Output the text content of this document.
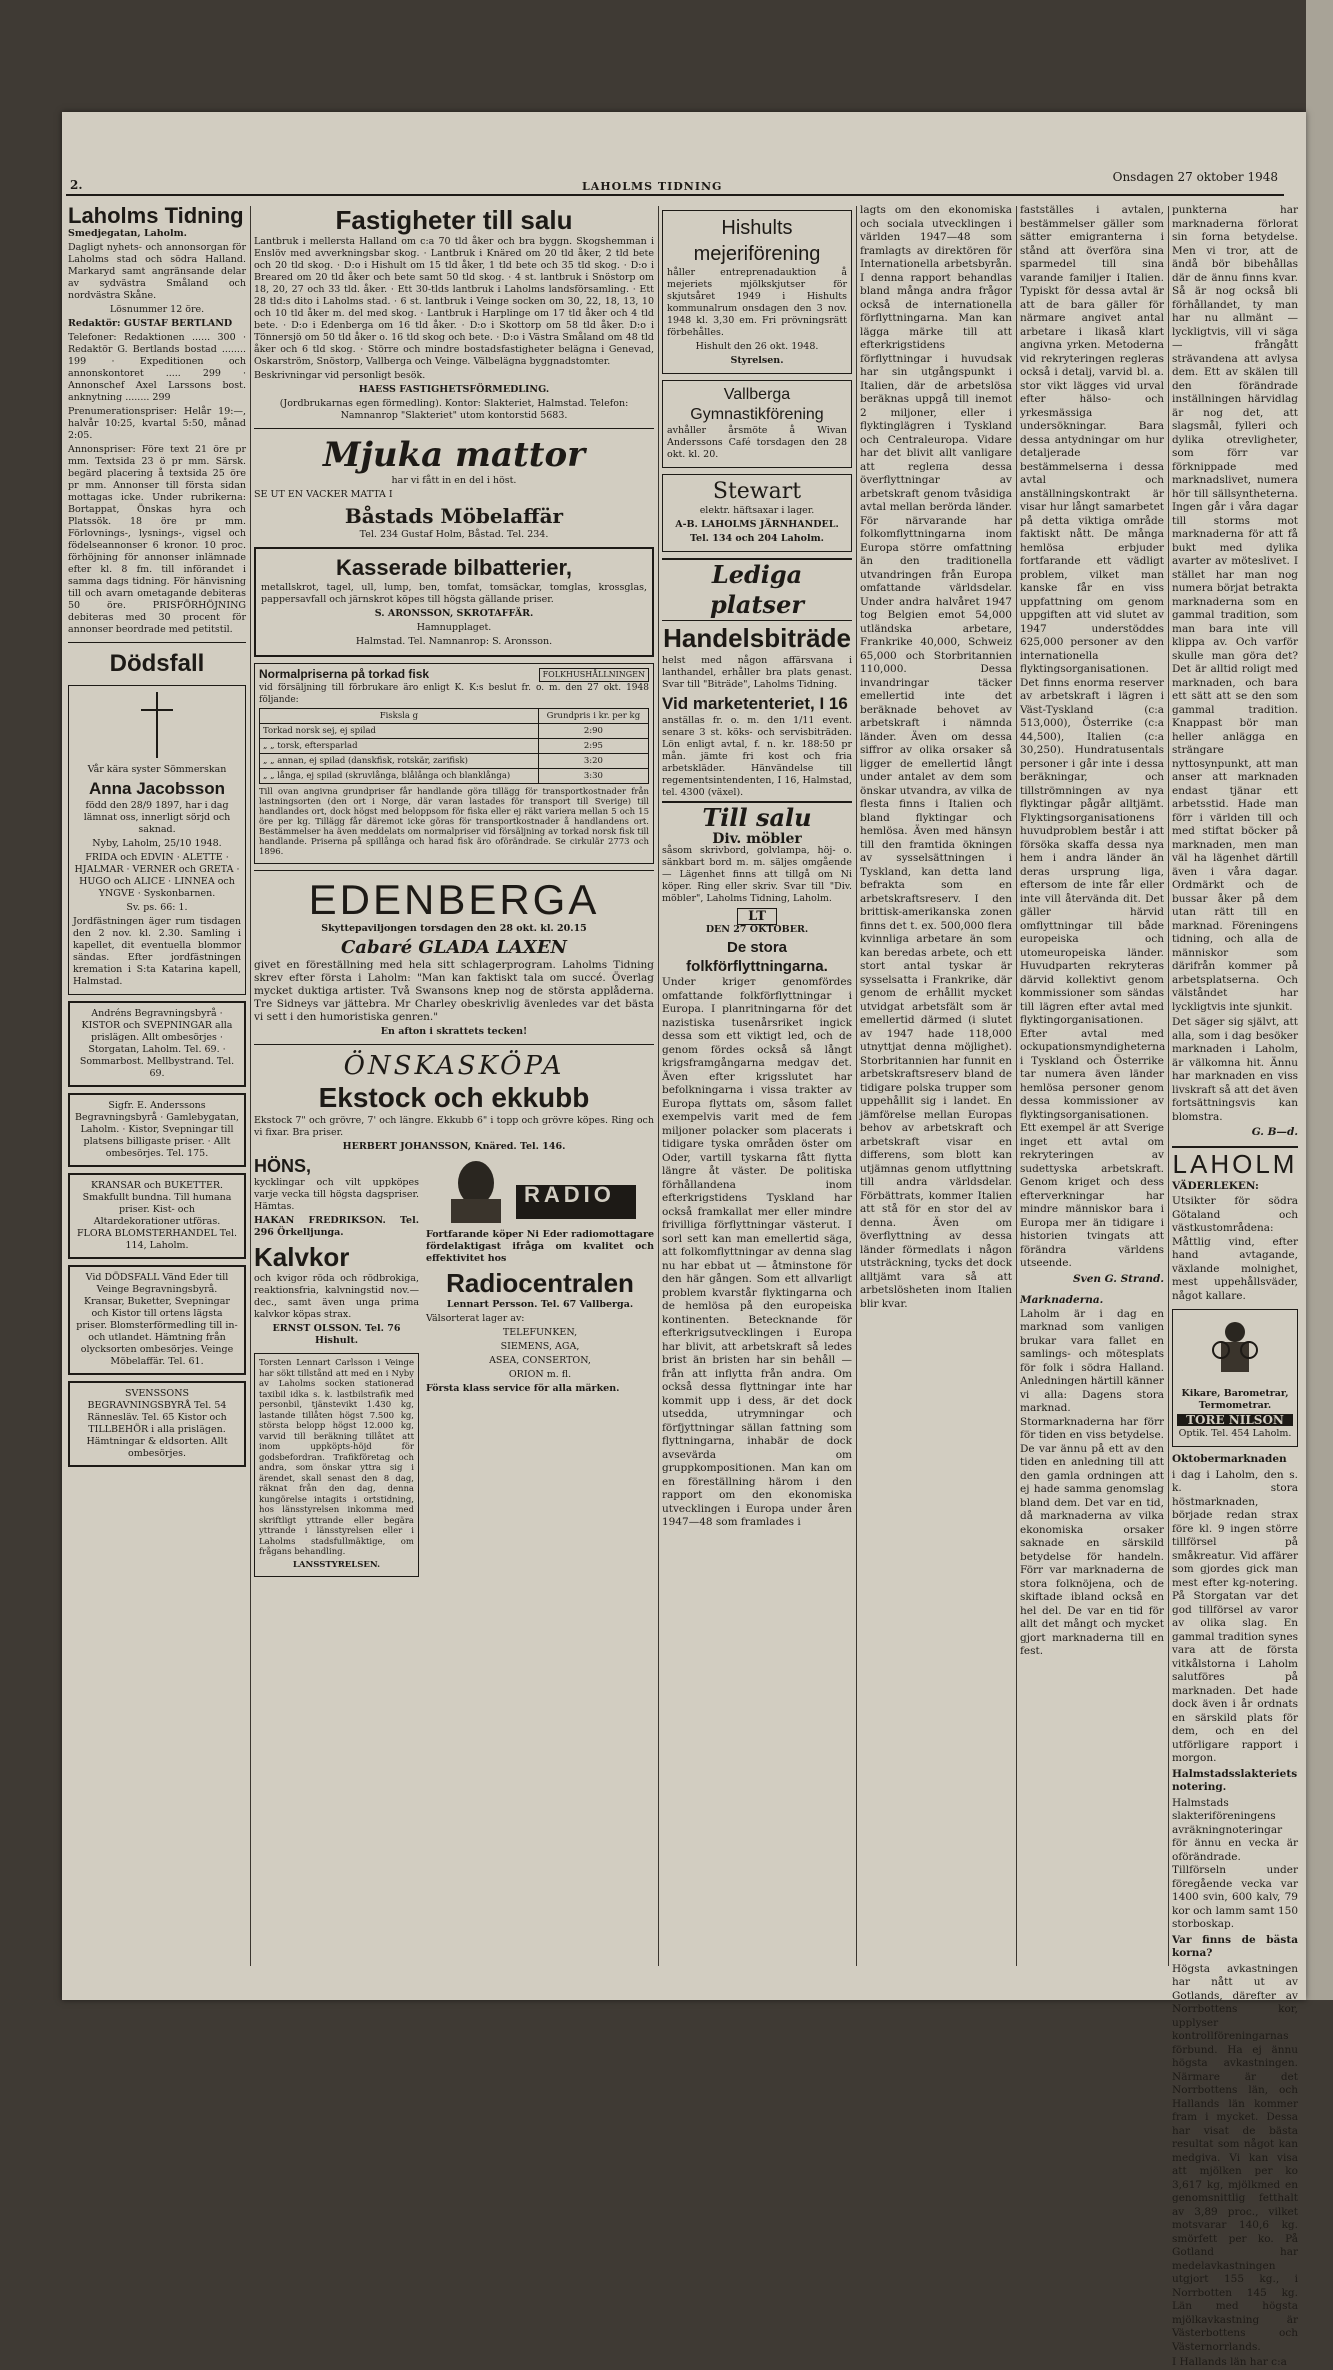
2.	LAHOLMS TIDNING
Onsdagen 27 oktober 1948
Laholms Tidning

Smedjegatan, Laholm.

Dagligt nyhets- och annonsorgan för Laholms stad och södra Halland. Markaryd samt angränsande delar av sydvästra Småland och nordvästra Skåne.

Lösnummer 12 öre.

Redaktör: GUSTAF BERTLAND

Telefoner: Redaktionen ...... 300 · Redaktör G. Bertlands bostad ........ 199 · Expeditionen och annonskontoret ..... 299 · Annonschef Axel Larssons bost. anknytning ........ 299

Prenumerationspriser: Helår 19:—, halvår 10:25, kvartal 5:50, månad 2:05.

Annonspriser: Före text 21 öre pr mm. Textsida 23 ö pr mm. Särsk. begärd placering å textsida 25 öre pr mm. Annonser till första sidan mottagas icke. Under rubrikerna: Bortappat, Önskas hyra och Platssök. 18 öre pr mm. Förlovnings-, lysnings-, vigsel och födelseannonser 6 kronor. 10 proc. förhöjning för annonser inlämnade efter kl. 8 fm. till införandet i samma dags tidning. För hänvisning till och avarn ometagande debiteras 50 öre. PRISFÖRHÖJNING debiteras med 30 procent för annonser beordrade med petitstil.

Dödsfall

Vår kära syster Sömmerskan

Anna Jacobsson

född den 28/9 1897, har i dag lämnat oss, innerligt sörjd och saknad.

Nyby, Laholm, 25/10 1948.

FRIDA och EDVIN · ALETTE · HJALMAR · VERNER och GRETA · HUGO och ALICE · LINNEA och YNGVE · Syskonbarnen.

Sv. ps. 66: 1.

Jordfästningen äger rum tisdagen den 2 nov. kl. 2.30. Samling i kapellet, dit eventuella blommor sändas. Efter jordfästningen kremation i S:ta Katarina kapell, Halmstad.

Andréns Begravningsbyrå · KISTOR och SVEPNINGAR alla prislägen. Allt ombesörjes · Storgatan, Laholm. Tel. 69. · Sommarbost. Mellbystrand. Tel. 69.
Sigfr. E. Anderssons Begravningsbyrå · Gamlebygatan, Laholm. · Kistor, Svepningar till platsens billigaste priser. · Allt ombesörjes. Tel. 175.
KRANSAR och BUKETTER. Smakfullt bundna. Till humana priser. Kist- och Altardekorationer utföras. FLORA BLOMSTERHANDEL Tel. 114, Laholm.
Vid DÖDSFALL Vänd Eder till Veinge Begravningsbyrå. Kransar, Buketter, Svepningar och Kistor till ortens lägsta priser. Blomsterförmedling till in- och utlandet. Hämtning från olycksorten ombesörjes. Veinge Möbelaffär. Tel. 61.
SVENSSONS BEGRAVNINGSBYRÅ Tel. 54 Rännesläv. Tel. 65 Kistor och TILLBEHÖR i alla prislägen. Hämtningar & eldsorten. Allt ombesörjes.
Fastigheter till salu

Lantbruk i mellersta Halland om c:a 70 tld åker och bra byggn. Skogshemman i Enslöv med avverkningsbar skog. · Lantbruk i Knäred om 20 tld åker, 2 tld bete och 20 tld skog. · D:o i Hishult om 15 tld åker, 1 tld bete och 35 tld skog. · D:o i Breared om 20 tld åker och bete samt 50 tld skog. · 4 st. lantbruk i Snöstorp om 18, 20, 27 och 33 tld. åker. · Ett 30-tlds lantbruk i Laholms landsförsamling. · Ett 28 tld:s dito i Laholms stad. · 6 st. lantbruk i Veinge socken om 30, 22, 18, 13, 10 och 10 tld åker m. del med skog. · Lantbruk i Harplinge om 17 tld åker och 4 tld bete. · D:o i Edenberga om 16 tld åker. · D:o i Skottorp om 58 tld åker. D:o i Tönnersjö om 50 tld åker o. 16 tld skog och bete. · D:o i Västra Småland om 48 tld åker och 6 tld skog. · Större och mindre bostadsfastigheter belägna i Genevad, Oskarström, Snöstorp, Vallberga och Veinge. Välbelägna byggnadstomter.

Beskrivningar vid personligt besök.

HAESS FASTIGHETSFÖRMEDLING.

(Jordbrukarnas egen förmedling). Kontor: Slakteriet, Halmstad. Telefon: Namnanrop "Slakteriet" utom kontorstid 5683.

Mjuka mattor

har vi fått in en del i höst.

SE UT EN VACKER MATTA I

Båstads Möbelaffär

Tel. 234 Gustaf Holm, Båstad. Tel. 234.

Kasserade bilbatterier,

metallskrot, tagel, ull, lump, ben, tomfat, tomsäckar, tomglas, krossglas, pappersavfall och järnskrot köpes till högsta gällande priser.

S. ARONSSON, SKROTAFFÄR.

Hamnupplaget.

Halmstad. Tel. Namnanrop: S. Aronsson.

Normalpriserna på torkad fisk	FOLKHUSHÅLLNINGEN

vid försäljning till förbrukare äro enligt K. K:s beslut fr. o. m. den 27 okt. 1948 följande:

Fisksla g	Grundpris i kr. per kg
Torkad norsk sej, ej spilad	2:90
„ „ torsk, eftersparlad	2:95
„ „ annan, ej spilad (danskfisk, rotskär, zarifisk)	3:20
„ „ långa, ej spilad (skruvlånga, blålånga och blanklånga)	3:30

Till ovan angivna grundpriser får handlande göra tillägg för transportkostnader från lastningsorten (den ort i Norge, där varan lastades för transport till Sverige) till handlandes ort, dock högst med beloppsom för fiska eller ej räkt variera mellan 5 och 15 öre per kg. Tillägg får däremot icke göras för transportkostnader å handlandens ort. Bestämmelser ha även meddelats om normalpriser vid försäljning av torkad norsk fisk till handlande. Priserna på spillånga och harad fisk äro oförändrade. Se cirkulär 2773 och 1896.

EDENBERGA

Skyttepaviljongen torsdagen den 28 okt. kl. 20.15

Cabaré GLADA LAXEN

givet en föreställning med hela sitt schlagerprogram. Laholms Tidning skrev efter första i Laholm: "Man kan faktiskt tala om succé. Överlag mycket duktiga artister. Två Swansons knep nog de största applåderna. Tre Sidneys var jättebra. Mr Charley obeskrivlig ävenledes var det bästa vi sett i den humoristiska genren."

En afton i skrattets tecken!

ÖNSKASKÖPA
Ekstock och ekkubb

Ekstock 7" och grövre, 7' och längre. Ekkubb 6" i topp och grövre köpes. Ring och vi fixar. Bra priser.

HERBERT JOHANSSON, Knäred. Tel. 146.

HÖNS,

kycklingar och vilt uppköpes varje vecka till högsta dagspriser. Hämtas.

HAKAN FREDRIKSON. Tel. 296 Örkelljunga.

Kalvkor

och kvigor röda och rödbrokiga, reaktionsfria, kalvningstid nov.—dec., samt även unga prima kalvkor köpas strax.

ERNST OLSSON. Tel. 76 Hishult.

Torsten Lennart Carlsson i Veinge har sökt tillstånd att med en i Nyby av Laholms socken stationerad taxibil idka s. k. lastbilstrafik med personbil, tjänstevikt 1.430 kg, lastande tillåten högst 7.500 kg, största belopp högst 12.000 kg, varvid till beräkning tillåtet att inom uppköpts-höjd för godsbefordran. Trafikföretag och andra, som önskar yttra sig i ärendet, skall senast den 8 dag, räknat från den dag, denna kungörelse intagits i ortstidning, hos länsstyrelsen inkomma med skriftligt yttrande eller begära yttrande i länsstyrelsen eller i Laholms stadsfullmäktige, om frågans behandling.

LANSSTYRELSEN.

RADIO

Fortfarande köper Ni Eder radiomottagare fördelaktigast ifråga om kvalitet och effektivitet hos

Radiocentralen

Lennart Persson. Tel. 67 Vallberga.

Välsorterat lager av:

TELEFUNKEN,

SIEMENS, AGA,

ASEA, CONSERTON,

ORION m. fl.

Första klass service för alla märken.

Hishults mejeriförening

håller entreprenadauktion å mejeriets mjölkskjutser för skjutsåret 1949 i Hishults kommunalrum onsdagen den 3 nov. 1948 kl. 3,30 em. Fri prövningsrätt förbehålles.

Hishult den 26 okt. 1948.

Styrelsen.

Vallberga Gymnastikförening

avhåller årsmöte å Wivan Anderssons Café torsdagen den 28 okt. kl. 20.

Stewart

elektr. häftsaxar i lager.

A-B. LAHOLMS JÄRNHANDEL.

Tel. 134 och 204 Laholm.

Lediga platser
Handelsbiträde

helst med någon affärsvana i lanthandel, erhåller bra plats genast. Svar till "Biträde", Laholms Tidning.

Vid marketenteriet, I 16

anställas fr. o. m. den 1/11 event. senare 3 st. köks- och servisbiträden. Lön enligt avtal, f. n. kr. 188:50 pr mån. jämte fri kost och fria arbetskläder. Hänvändelse till regementsintendenten, I 16, Halmstad, tel. 4300 (växel).

Till salu
Div. möbler

såsom skrivbord, golvlampa, höj- o. sänkbart bord m. m. säljes omgående — Lägenhet finns att tillgå om Ni köper. Ring eller skriv. Svar till "Div. möbler", Laholms Tidning, Laholm.

LT

DEN 27 OKTOBER.

De stora folkförflyttningarna.

Under krigет genomfördes omfattande folkförflyttningar i Europa. I planritningarna för det nazistiska tusenårsriket ingick dessa som ett viktigt led, och de genom fördes också så långt krigsframgångarna medgav det. Även efter krigsslutet har befolkningarna i vissa trakter av Europa flyttats om, såsom fallet exempelvis varit med de fem miljoner polacker som placerats i tidigare tyska områden öster om Oder, vartill tyskarna fått flytta längre åt väster. De politiska förhållandena inom efterkrigstidens Tyskland har också framkallat mer eller mindre frivilliga förflyttningar västerut. I sorl sett kan man emellertid säga, att folkomflyttningar av denna slag nu har ebbat ut — åtminstone för den här gången. Som ett allvarligt problem kvarstår flyktingarna och de hemlösa på den europeiska kontinenten. Betecknande för efterkrigsutvecklingen i Europa har blivit, att arbetskraft så ledes brist än bristen har sin behåll — från att inflytta från andra. Om också dessa flyttningar inte har kommit upp i dess, är det dock utsedda, utrymningar och förfjyttningar sällan fattning som flyttningarna, inhabär de dock avsevärda om gruppkompositionen. Man kan om en föreställning härom i den rapport om den ekonomiska utvecklingen i Europa under åren 1947—48 som framlades i

lagts om den ekonomiska och sociala utvecklingen i världen 1947—48 som framlagts av direktören för Internationella arbetsbyrån. I denna rapport behandlas bland många andra frågor också de internationella förflyttningarna. Man kan lägga märke till att efterkrigstidens förflyttningar i huvudsak har sin utgångspunkt i Italien, där de arbetslösa beräknas uppgå till inemot 2 miljoner, eller i flyktinglägren i Tyskland och Centraleuropa. Vidare har det blivit allt vanligare att regleпа dessa överflyttningar av arbetskraft genom tvåsidiga avtal mellan berörda länder. För närvarande har folkomflyttningarna inom Europa större omfattning än den traditionella utvandringen från Europa omfattande världsdelar. Under andra halvåret 1947 tog Belgien emot 54,000 utländska arbetare, Frankrike 40,000, Schweiz 65,000 och Storbritannien 110,000. Dessa invandringar täcker emellertid inte det beräknade behovet av arbetskraft i nämnda länder. Även om dessa siffror av olika orsaker så ligger de emellertid långt under antalet av dem som önskar utvandra, av vilka de flesta finns i Italien och bland flyktingar och hemlösa. Även med hänsyn till den framtida ökningen av sysselsättningen i Tyskland, kan detta land befrakta som en arbetskraftsreserv. I den brittisk-amerikanska zonen finns det t. ex. 500,000 flera kvinnliga arbetare än som kan beredas arbete, och ett stort antal tyskar är sysselsatta i Frankrike, där genom de erhållit mycket utvidgat arbetsfält som är emellertid därmed (i slutet av 1947 hade 118,000 utnyttjat denna möjlighet). Storbritannien har funnit en arbetskraftsreserv bland de tidigare polska trupper som uppehållit sig i landet. En jämförelse mellan Europas behov av arbetskraft och arbetskraft visar en differens, som blott kan utjämnas genom utflyttning till andra världsdelar. Förbättrats, kommer Italien att stå för en stor del av denna. Även om överflyttning av dessa länder förmedlats i någon utsträckning, tycks det dock alltjämt vara så att arbetslösheten inom Italien blir kvar.

fastställes i avtalen, bestämmelser gäller som sätter emigranterna i stånd att överföra sina sparmedel till sina varande familjer i Italien. Typiskt för dessa avtal är att de bara gäller för närmare angivet antal arbetare i likaså klart angivna yrken. Metoderna vid rekryteringen regleras också i detalj, varvid bl. a. stor vikt lägges vid urval efter hälso- och yrkesmässiga undersökningar. Bara dessa antydningar om hur detaljerade bestämmelserna i dessa avtal och anställningskontrakt är visar hur långt samarbetet på detta viktiga område faktiskt nått. De många hemlösa erbjuder fortfarande ett vädligt problem, vilket man kanske får en viss uppfattning om genom uppgiften att vid slutet av 1947 understöddes 625,000 personer av den internationella flyktingsorganisationen. Det finns enorma reserver av arbetskraft i lägren i Väst-Tyskland (c:a 513,000), Österrike (c:a 44,500), Italien (c:a 30,250). Hundratusentals personer i går inte i dessa beräkningar, och tillströmningen av nya flyktingar pågår alltjämt. Flyktingsorganisationens huvudproblem består i att försöka skaffa dessa nya hem i andra länder än deras ursprung liga, eftersom de inte får eller inte vill återvända dit. Det gäller härvid omflyttningar till både europeiska och utomeuropeiska länder. Huvudparten rekryteras därvid kollektivt genom kommissioner som sändas till lägren efter avtal med flyktingorganisationen. Efter avtal med ockupationsmyndigheterna i Tyskland och Österrike tar numera även länder hemlösa personer genom dessa kommissioner av flyktingsorganisationen. Ett exempel är att Sverige inget ett avtal om rekryteringen av sudettyska arbetskraft. Genom kriget och dess efterverkningar har mindre människor bara i Europa mer än tidigare i historien tvingats att förändra världens utseende.

Sven G. Strand.

Marknaderna.

Laholm är i dag en marknad som vanligen brukar vara fallet en samlings- och mötesplats för folk i södra Halland. Anledningen härtill känner vi alla: Dagens stora marknad. Stormarknaderna har förr för tiden en viss betydelse. De var ännu på ett av den tiden en anledning till att den gamla ordningen att ej hade samma genomslag bland dem. Det var en tid, då marknaderna av vilka ekonomiska orsaker saknade en särskild betydelse för handeln. Förr var marknaderna de stora folknöjena, och de skiftade ibland också en hel del. De var en tid för allt det mångt och mycket gjort marknaderna till en fest.

punkterna har marknaderna förlorat sin forna betydelse. Men vi tror, att de ändå bör bibehållas där de ännu finns kvar. Så är nog också bli förhållandet, ty man har nu allmänt — lyckligtvis, vill vi säga — frångått strävandena att avlysa dem. Ett av skälen till den förändrade inställningen härvidlag är nog det, att slagsmål, fylleri och dylika otrevligheter, som förr var förknippade med marknadslivet, numera hör till sällsyntheterna. Ingen går i våra dagar till storms mot marknaderna för att få bukt med dylika avarter av möteslivet. I stället har man nog numera börjat betrakta marknaderna som en gammal tradition, som man bara inte vill klippa av. Och varför skulle man göra det? Det är alltid roligt med marknaden, och bara ett sätt att se den som gammal tradition. Knappast bör man heller anlägga en strängare nyttosynpunkt, att man anser att marknaden endast tjänar ett arbetsstid. Hade man förr i världen till och med stiftat böcker på marknaden, men man väl ha lägenhet därtill även i våra dagar. Ordmärkt och de bussar åker på dem utan rätt till en marknad. Föreningens tidning, och alla de människor som därifrån kommer på arbetsplatserna. Och välståndet har lyckligtvis inte sjunkit.

Det säger sig självt, att alla, som i dag besöker marknaden i Laholm, är välkomna hit. Ännu har marknaden en viss livskraft så att det även fortsättningsvis kan blomstra.

G. B—d.

LAHOLM

VÄDERLEKEN:

Utsikter för södra Götaland och västkustområdena: Måttlig vind, efter hand avtagande, växlande molnighet, mest uppehållsväder, något kallare.

Kikare, Barometrar, Termometrar.

TORE NILSON

Optik. Tel. 454 Laholm.

Oktobermarknaden

i dag i Laholm, den s. k. stora höstmarknaden, började redan strax före kl. 9 ingen större tillförsel på småkreatur. Vid affärer som gjordes gick man mest efter kg-notering. På Storgatan var det god tillförsel av varor av olika slag. En gammal tradition synes vara att de första vitkålstorna i Laholm salutföres på marknaden. Det hade dock även i år ordnats en särskild plats för dem, och en del utförligare rapport i morgon.

Halmstadsslakteriets notering.

Halmstads slakteriföreningens avräkningnoteringar för ännu en vecka är oförändrade. Tillförseln under föregående vecka var 1400 svin, 600 kalv, 79 kor och lamm samt 150 storboskap.

Var finns de bästa korna?

Högsta avkastningen har nått ut av Gotlands, därefter av Norrbottens kor, upplyser kontrollföreningarnas förbund. Ha ej ännu högsta avkastningen. Närmare är det Norrbottens län, och Hallands län kommer fram i mycket. Dessa har visat de bästa resultat som något kan medgiva. Vi kan visa att mjölken per ko 3,617 kg, mjölkmed en genomsnittlig fetthalt av 3,89 proc., vilket motsvarar 140,6 kg. smörfett per ko. På Gotland har medelavkastningen utgjort 155 kg., i Norrbotten 145 kg. Län med högsta mjölkavkastning är Västerbottens och Västernorrlands.

I Hallands län har c:a
